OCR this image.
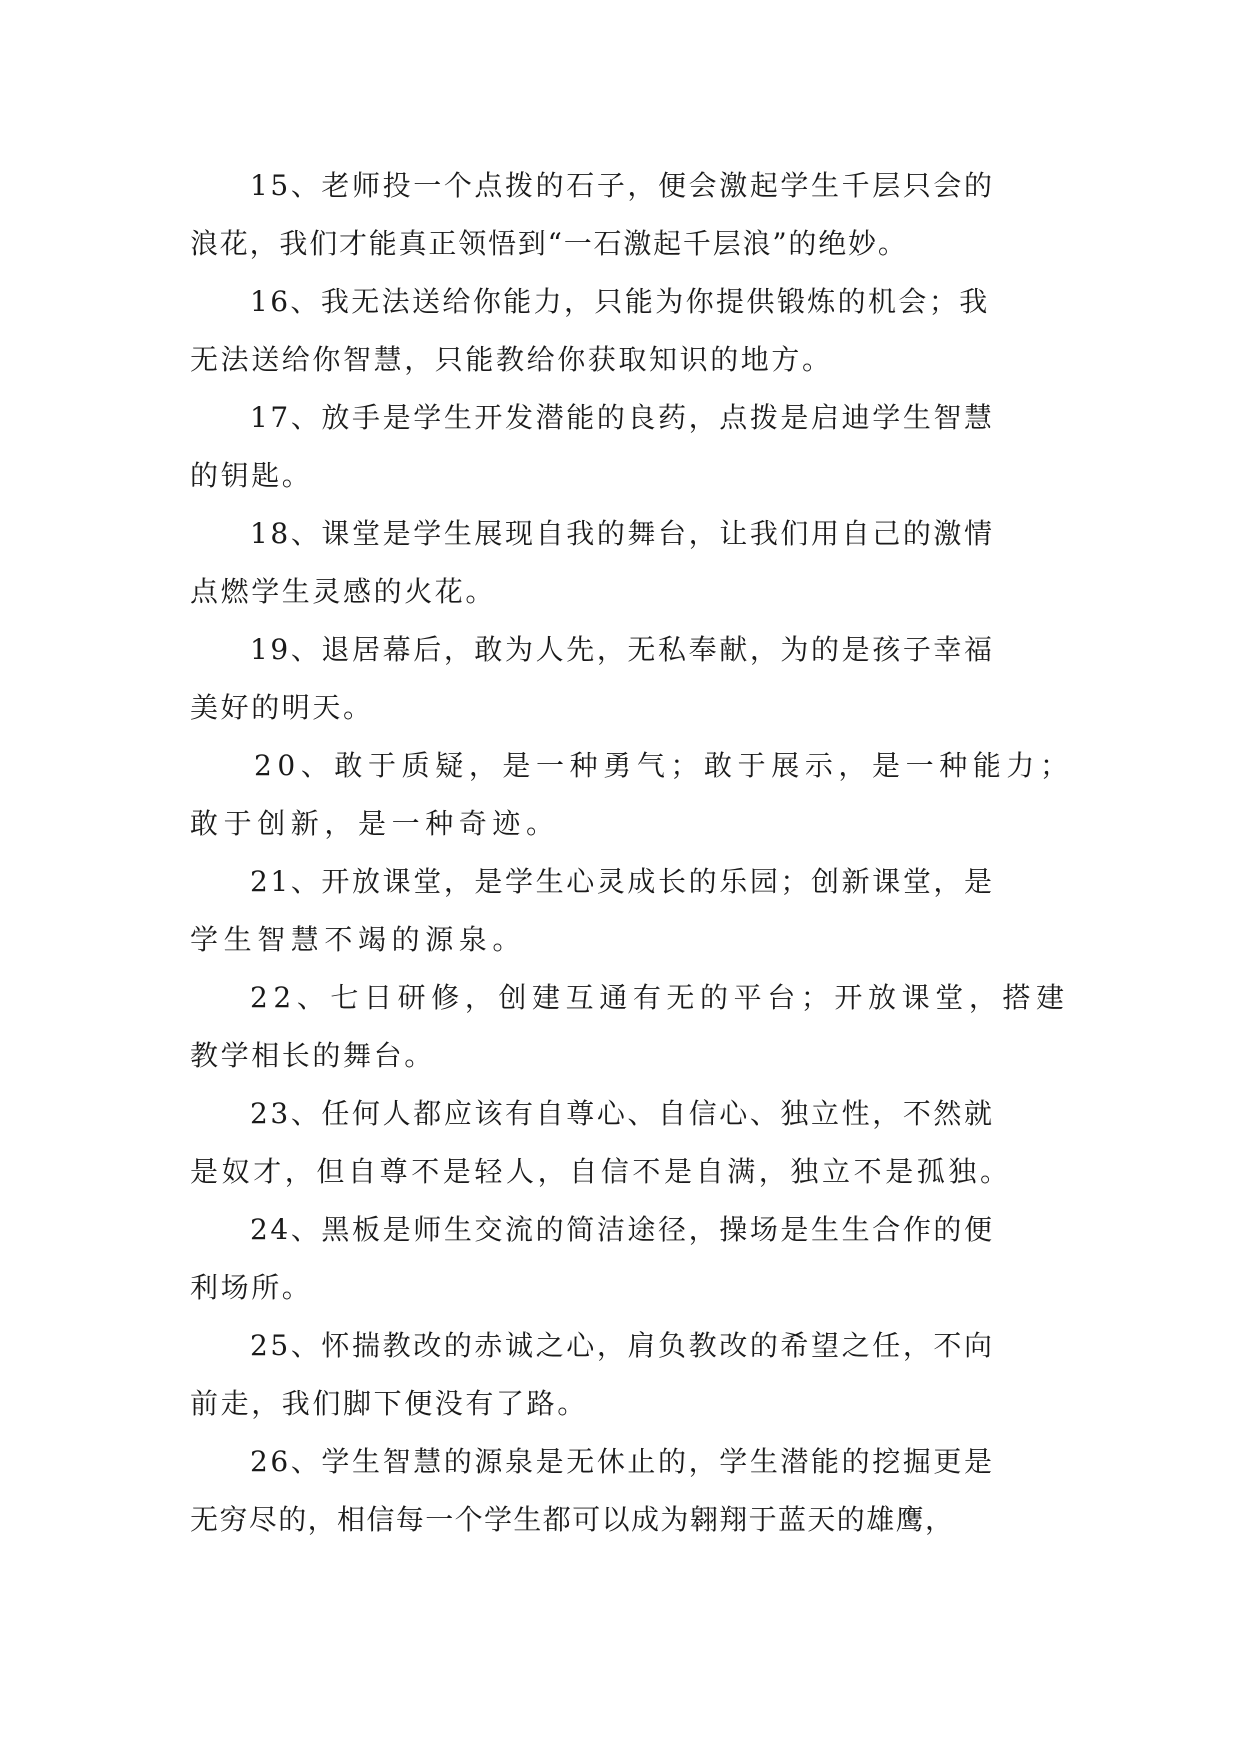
15、老师投一个点拨的石子，便会激起学生千层只会的
浪花，我们才能真正领悟到“一石激起千层浪”的绝妙。
16、我无法送给你能力，只能为你提供锻炼的机会；我
无法送给你智慧，只能教给你获取知识的地方。
17、放手是学生开发潜能的良药，点拨是启迪学生智慧
的钥匙。
18、课堂是学生展现自我的舞台，让我们用自己的激情
点燃学生灵感的火花。
19、退居幕后，敢为人先，无私奉献，为的是孩子幸福
美好的明天。
20、敢于质疑，是一种勇气；敢于展示，是一种能力；
敢于创新，是一种奇迹。
21、开放课堂，是学生心灵成长的乐园；创新课堂，是
学生智慧不竭的源泉。
22、七日研修，创建互通有无的平台；开放课堂，搭建
教学相长的舞台。
23、任何人都应该有自尊心、自信心、独立性，不然就
是奴才，但自尊不是轻人，自信不是自满，独立不是孤独。
24、黑板是师生交流的简洁途径，操场是生生合作的便
利场所。
25、怀揣教改的赤诚之心，肩负教改的希望之任，不向
前走，我们脚下便没有了路。
26、学生智慧的源泉是无休止的，学生潜能的挖掘更是
无穷尽的，相信每一个学生都可以成为翱翔于蓝天的雄鹰，
